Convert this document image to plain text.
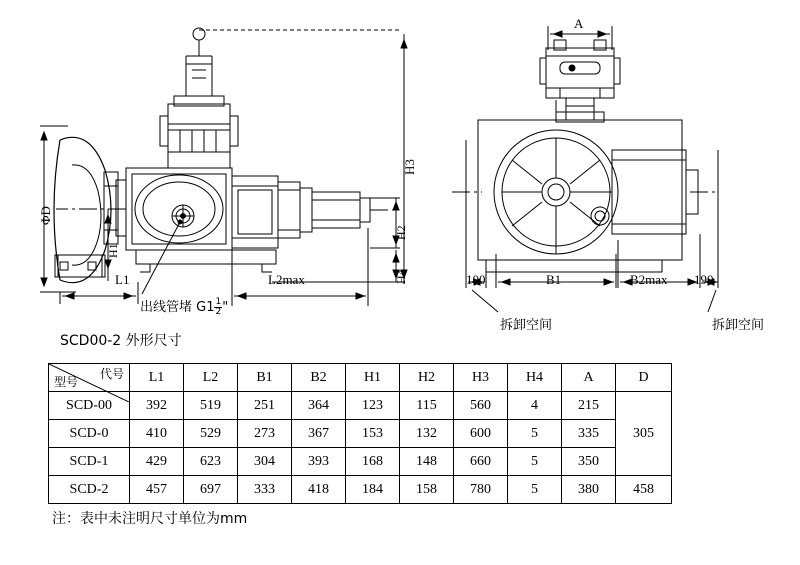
ΦD
H1
H2
H3
H4
L1	L2max
A
B1	B2max
100	190
出线管堵 $G1 \frac{1}{2}$ "
拆卸空间	拆卸空间
SCD00-2 外形尺寸
代号
型号	L1	L2	B1	B2	H1	H2	H3	H4	A	D
SCD-00	392	519	251	364	123	115	560	4	215	305
SCD-0	410	529	273	367	153	132	600	5	335	
SCD-1	429	623	304	393	168	148	660	5	350	
SCD-2	457	697	333	418	184	158	780	5	380	458
注：表中未注明尺寸单位为mm
